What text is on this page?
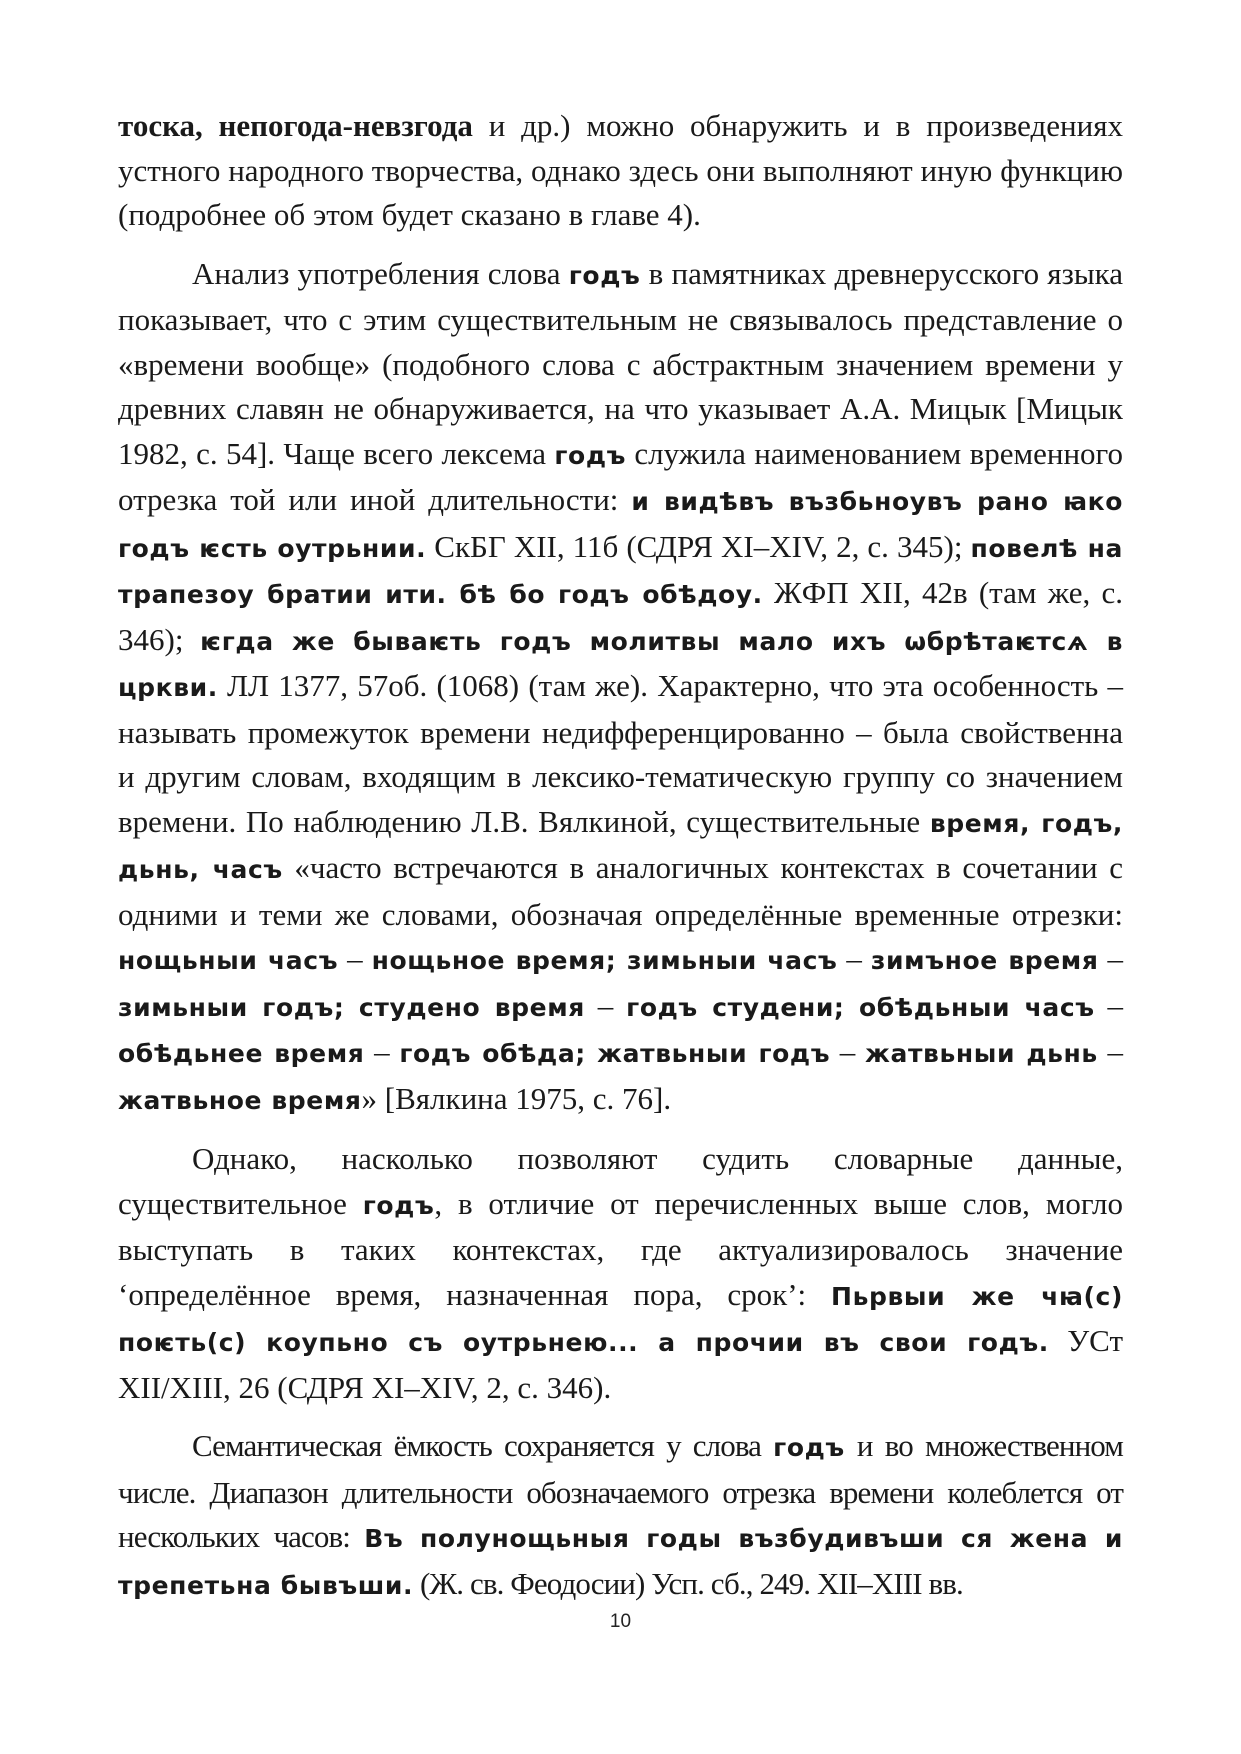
тоска, непогода-невзгода и др.) можно обнаружить и в произведениях устного народного творчества, однако здесь они выполняют иную функцию (подробнее об этом будет сказано в главе 4).

Анализ употребления слова годъ в памятниках древнерусского языка показывает, что с этим существительным не связывалось представление о «времени вообще» (подобного слова с абстрактным значением времени у древних славян не обнаруживается, на что указывает А.А. Мицык [Мицык 1982, с. 54]. Чаще всего лексема годъ служила наименованием временного отрезка той или иной длительности: и видѣвъ възбьноувъ рано ꙗко годъ ѥсть оутрьнии. СкБГ XII, 11б (СДРЯ XI–XIV, 2, с. 345); повелѣ на трапезоу братии ити. бѣ бо годъ обѣдоу. ЖФП XII, 42в (там же, с. 346); ѥгда же бываѥть годъ молитвы мало ихъ ѡбрѣтаѥтсѧ в цркви. ЛЛ 1377, 57об. (1068) (там же). Характерно, что эта особенность – называть промежуток времени недифференцированно – была свойственна и другим словам, входящим в лексико-тематическую группу со значением времени. По наблюдению Л.В. Вялкиной, существительные время, годъ, дьнь, часъ «часто встречаются в аналогичных контекстах в сочетании с одними и теми же словами, обозначая определённые временные отрезки: нощьныи часъ – нощьное время; зимьныи часъ – зимъное время – зимьныи годъ; студено время – годъ студени; обѣдьныи часъ – обѣдьнее время – годъ обѣда; жатвьныи годъ – жатвьныи дьнь – жатвьное время» [Вялкина 1975, с. 76].

Однако, насколько позволяют судить словарные данные, существительное годъ, в отличие от перечисленных выше слов, могло выступать в таких контекстах, где актуализировалось значение ‘определённое время, назначенная пора, срок’: Пьрвыи же чꙗ(с) поѥть(с) коупьно съ оутрьнею... а прочии въ свои годъ. УСт XII/XIII, 26 (СДРЯ XI–XIV, 2, с. 346).

Семантическая ёмкость сохраняется у слова годъ и во множественном числе. Диапазон длительности обозначаемого отрезка времени колеблется от нескольких часов: Въ полунощьныя годы възбудивъши ся жена и трепетьна бывъши. (Ж. св. Феодосии) Усп. сб., 249. XII–XIII вв.

10
